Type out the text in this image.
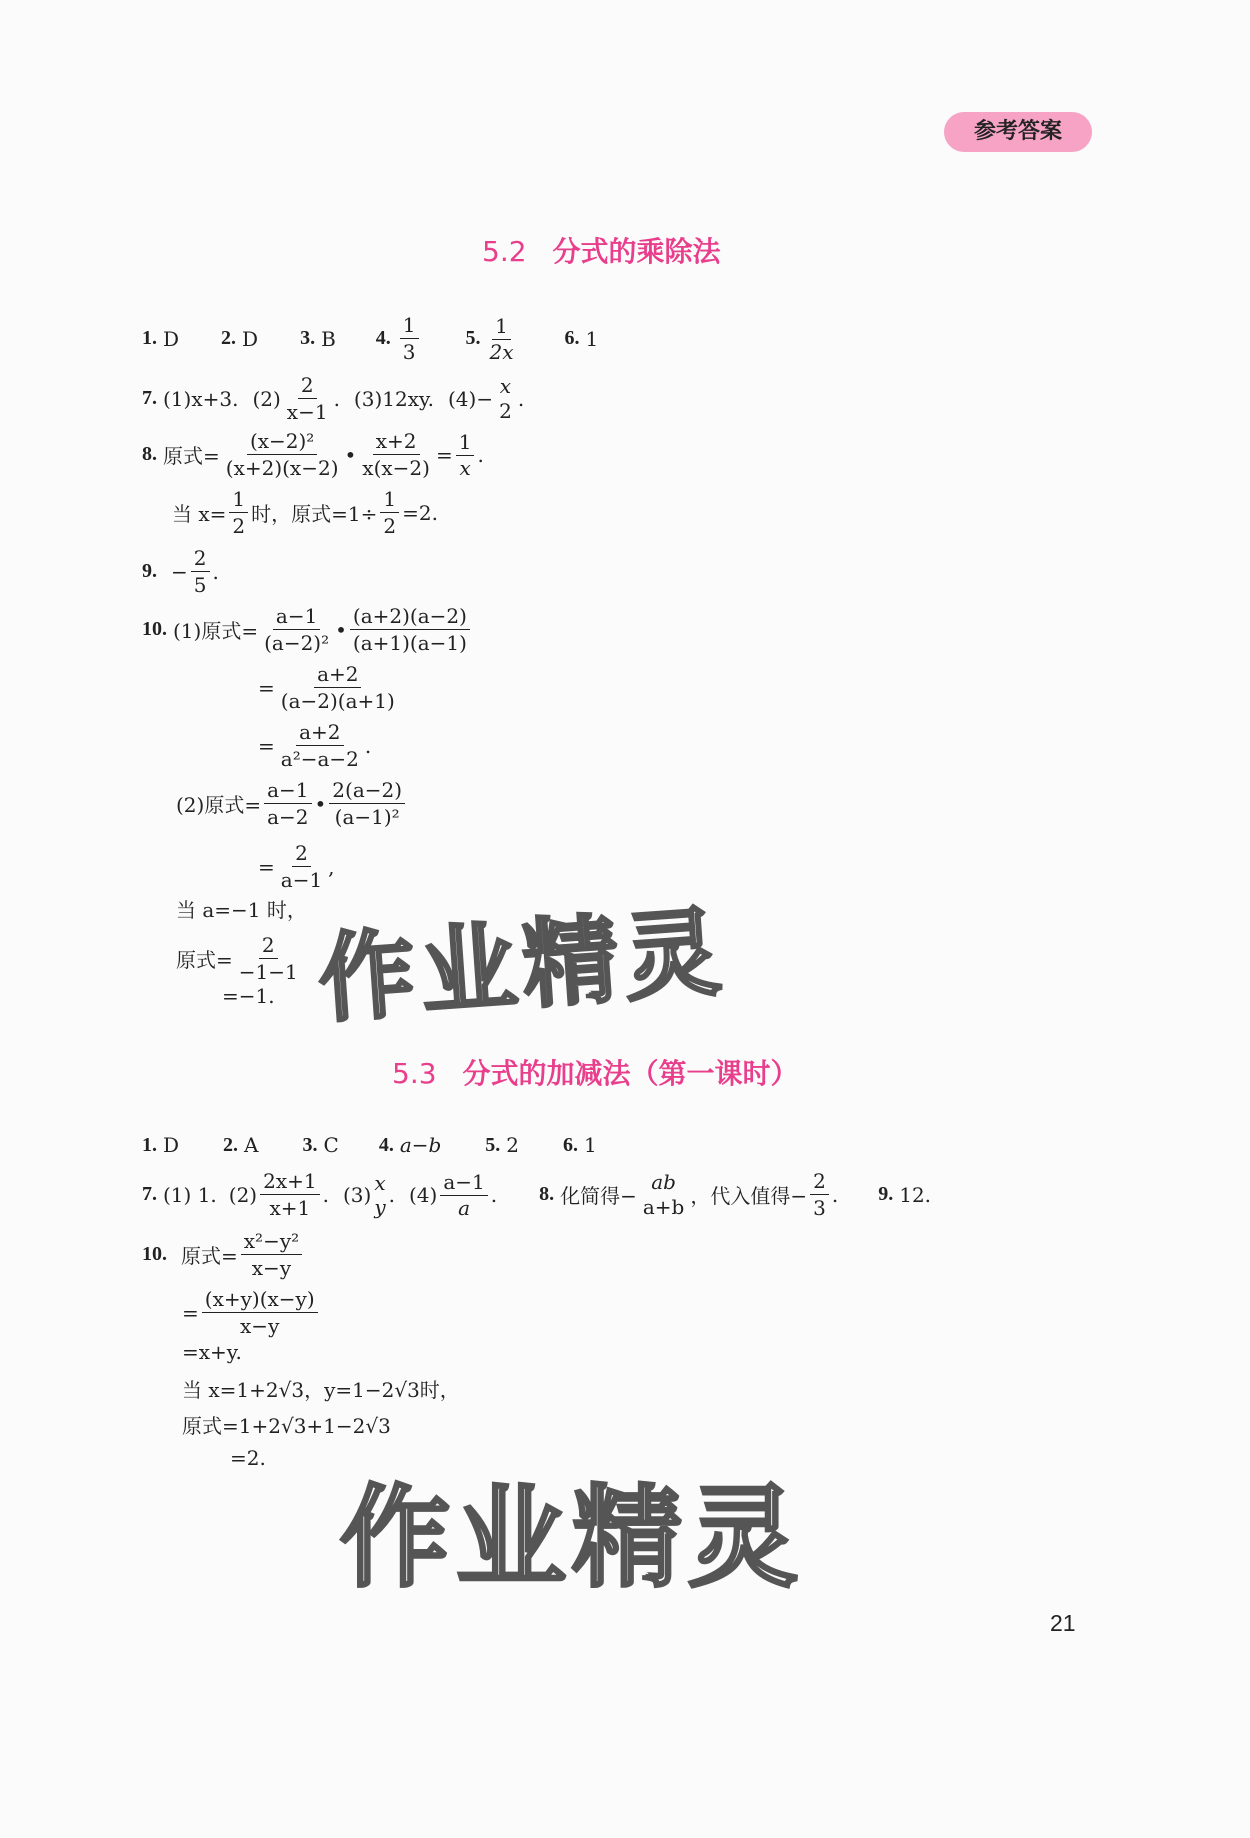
参考答案
5.2 分式的乘除法
1. D 2. D 3. B 4. $\frac{1}{3} 5$. $\frac{1}{2x}$	6. 1
7. (1)x+3. $(2) \frac{2}{x-1}$ . (3)12xy. (4)−
x
2 .
8. 原式= $\frac{\text{(x−2)²}}{(x+2)(x-2)}$ • $\frac{x+2}{x(x-2)} = \frac{1}{x}$ .
当 $x= \frac{1}{2}$ 时，原式$=1\div \frac{1}{2} =2$.
9. − $\frac{2}{5}$ .
10. (1)原式= $\frac{a-1}{\text{(a−2)²}}$ • $\frac{(a+2)(a-2)}{(a+1)(a-1)}$
= $\frac{a+2}{(a-2)(a+1)}$
= $\frac{a+2}{\text{a²−a−2}}$ .
(2)原式= $\frac{a-1}{a-2}$ • $\frac{2(a-2)}{\text{(a−1)²}}$
= $\frac{2}{a-1}$ ,
当 a=−1 时，
原式= $\frac{2}{-1-1}$
=−1. 作业精灵
5.3 分式的加减法（第一课时）
1. D 2. A 3. C 4. a−b 5. 2 6. 1
7. (1) 1. $(2) \frac{2x+1}{x+1}$ . (3) x
y . $(4) \frac{a-1}{a}$ . 8. 化简得−
ab
a+b ，代入值得− $\frac{2}{3}$ . 9. 12.
10. 原式= $\frac{\text{x²−y²}}{x-y}$
= $\frac{(x+y)(x-y)}{x-y}$
=x+y.
当 x=1+2√3，y=1−2√3时，
原式=1+2√3+1−2√3
=2.
作业精灵
21
